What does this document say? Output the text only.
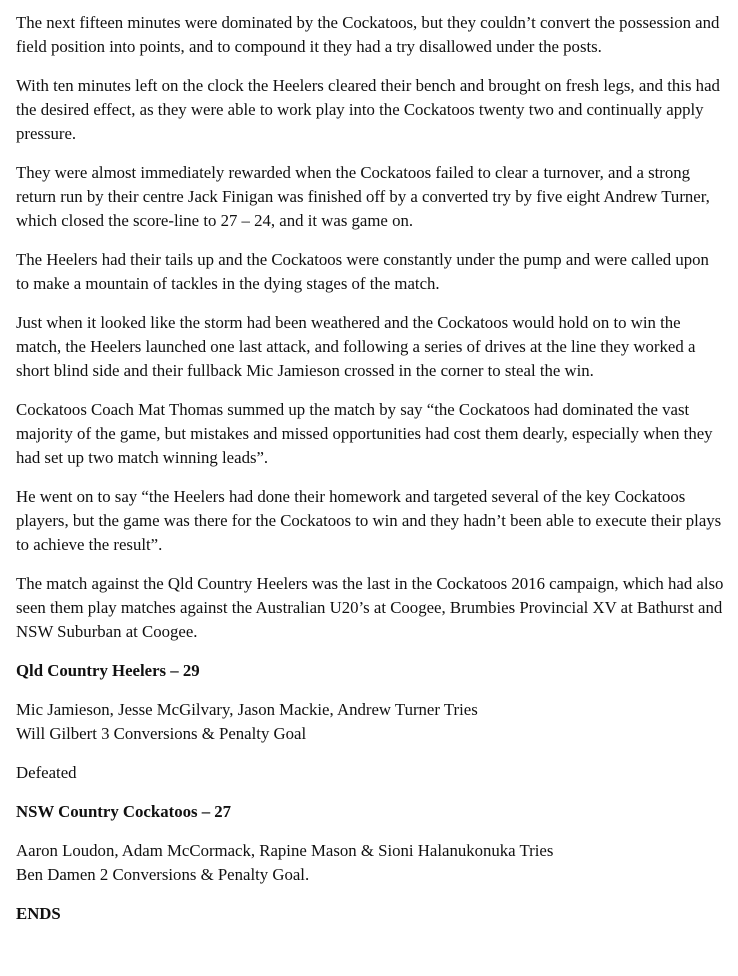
The next fifteen minutes were dominated by the Cockatoos, but they couldn’t convert the possession and field position into points, and to compound it they had a try disallowed under the posts.

With ten minutes left on the clock the Heelers cleared their bench and brought on fresh legs, and this had the desired effect, as they were able to work play into the Cockatoos twenty two and continually apply pressure.

They were almost immediately rewarded when the Cockatoos failed to clear a turnover, and a strong return run by their centre Jack Finigan was finished off by a converted try by five eight Andrew Turner, which closed the score-line to 27 – 24, and it was game on.

The Heelers had their tails up and the Cockatoos were constantly under the pump and were called upon to make a mountain of tackles in the dying stages of the match.

Just when it looked like the storm had been weathered and the Cockatoos would hold on to win the match, the Heelers launched one last attack, and following a series of drives at the line they worked a short blind side and their fullback Mic Jamieson crossed in the corner to steal the win.

Cockatoos Coach Mat Thomas summed up the match by say “the Cockatoos had dominated the vast majority of the game, but mistakes and missed opportunities had cost them dearly, especially when they had set up two match winning leads”.

He went on to say “the Heelers had done their homework and targeted several of the key Cockatoos players, but the game was there for the Cockatoos to win and they hadn’t been able to execute their plays to achieve the result”.

The match against the Qld Country Heelers was the last in the Cockatoos 2016 campaign, which had also seen them play matches against the Australian U20’s at Coogee, Brumbies Provincial XV at Bathurst and NSW Suburban at Coogee.

Qld Country Heelers – 29

Mic Jamieson, Jesse McGilvary, Jason Mackie, Andrew Turner Tries
Will Gilbert 3 Conversions & Penalty Goal

Defeated

NSW Country Cockatoos – 27

Aaron Loudon, Adam McCormack, Rapine Mason & Sioni Halanukonuka Tries
Ben Damen 2 Conversions & Penalty Goal.

ENDS
